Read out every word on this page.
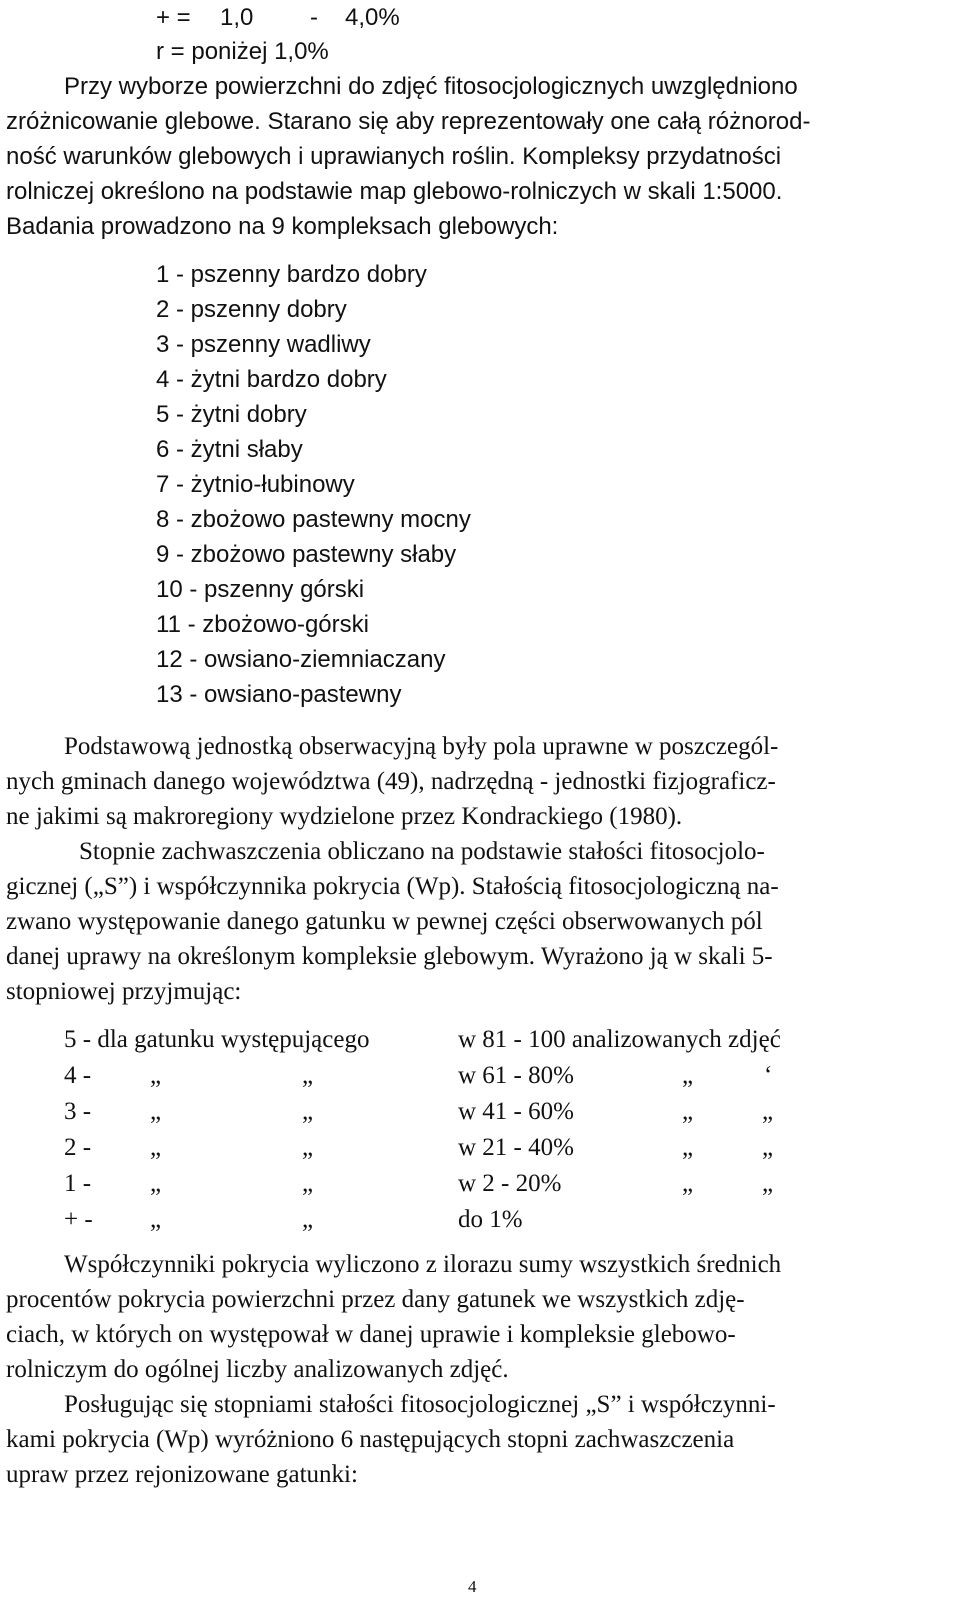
+ = 1,0 - 4,0%
r = poniżej 1,0%
Przy wyborze powierzchni do zdjęć fitosocjologicznych uwzględniono
zróżnicowanie glebowe. Starano się aby reprezentowały one całą różnorod-
ność warunków glebowych i uprawianych roślin. Kompleksy przydatności
rolniczej określono na podstawie map glebowo-rolniczych w skali 1:5000.
Badania prowadzono na 9 kompleksach glebowych:
1 - pszenny bardzo dobry
2 - pszenny dobry
3 - pszenny wadliwy
4 - żytni bardzo dobry
5 - żytni dobry
6 - żytni słaby
7 - żytnio-łubinowy
8 - zbożowo pastewny mocny
9 - zbożowo pastewny słaby
10 - pszenny górski
11 - zbożowo-górski
12 - owsiano-ziemniaczany
13 - owsiano-pastewny
Podstawową jednostką obserwacyjną były pola uprawne w poszczegól-
nych gminach danego województwa (49), nadrzędną - jednostki fizjograficz-
ne jakimi są makroregiony wydzielone przez Kondrackiego (1980).
Stopnie zachwaszczenia obliczano na podstawie stałości fitosocjolo-
gicznej („S”) i współczynnika pokrycia (Wp). Stałością fitosocjologiczną na-
zwano występowanie danego gatunku w pewnej części obserwowanych pól
danej uprawy na określonym kompleksie glebowym. Wyrażono ją w skali 5-
stopniowej przyjmując:
5 - dla gatunku występującego	w 81 - 100 analizowanych zdjęć
4 - „	„	w 61 - 80%	„	‘
3 - „	„	w 41 - 60%	„	„
2 - „	„	w 21 - 40%	„	„
1 - „	„	w 2 - 20%	„	„
+ - „	„	do 1%
Współczynniki pokrycia wyliczono z ilorazu sumy wszystkich średnich
procentów pokrycia powierzchni przez dany gatunek we wszystkich zdję-
ciach, w których on występował w danej uprawie i kompleksie glebowo-
rolniczym do ogólnej liczby analizowanych zdjęć.
Posługując się stopniami stałości fitosocjologicznej „S” i współczynni-
kami pokrycia (Wp) wyróżniono 6 następujących stopni zachwaszczenia
upraw przez rejonizowane gatunki:
4
